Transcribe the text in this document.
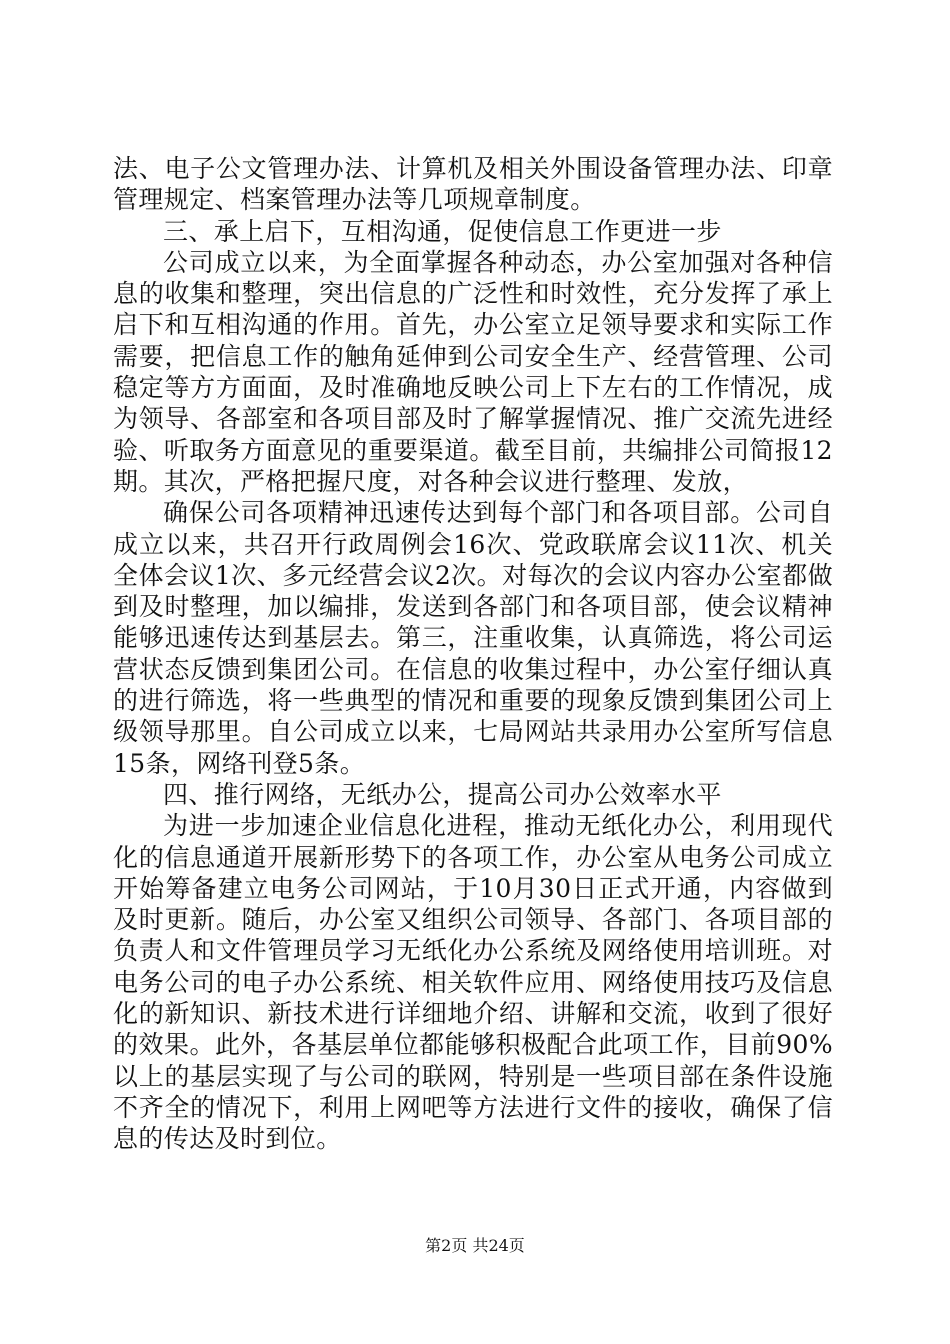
法、电子公文管理办法、计算机及相关外围设备管理办法、印章管理规定、档案管理办法等几项规章制度。

三、承上启下，互相沟通，促使信息工作更进一步

公司成立以来，为全面掌握各种动态，办公室加强对各种信息的收集和整理，突出信息的广泛性和时效性，充分发挥了承上启下和互相沟通的作用。首先，办公室立足领导要求和实际工作需要，把信息工作的触角延伸到公司安全生产、经营管理、公司稳定等方方面面，及时准确地反映公司上下左右的工作情况，成为领导、各部室和各项目部及时了解掌握情况、推广交流先进经验、听取务方面意见的重要渠道。截至目前，共编排公司简报12期。其次，严格把握尺度，对各种会议进行整理、发放，

确保公司各项精神迅速传达到每个部门和各项目部。公司自成立以来，共召开行政周例会16次、党政联席会议11次、机关全体会议1次、多元经营会议2次。对每次的会议内容办公室都做到及时整理，加以编排，发送到各部门和各项目部，使会议精神能够迅速传达到基层去。第三，注重收集，认真筛选，将公司运营状态反馈到集团公司。在信息的收集过程中，办公室仔细认真的进行筛选，将一些典型的情况和重要的现象反馈到集团公司上级领导那里。自公司成立以来，七局网站共录用办公室所写信息15条，网络刊登5条。

四、推行网络，无纸办公，提高公司办公效率水平

为进一步加速企业信息化进程，推动无纸化办公，利用现代化的信息通道开展新形势下的各项工作，办公室从电务公司成立开始筹备建立电务公司网站，于10月30日正式开通，内容做到及时更新。随后，办公室又组织公司领导、各部门、各项目部的负责人和文件管理员学习无纸化办公系统及网络使用培训班。对电务公司的电子办公系统、相关软件应用、网络使用技巧及信息化的新知识、新技术进行详细地介绍、讲解和交流，收到了很好的效果。此外，各基层单位都能够积极配合此项工作，目前90%以上的基层实现了与公司的联网，特别是一些项目部在条件设施不齐全的情况下，利用上网吧等方法进行文件的接收，确保了信息的传达及时到位。

第2页 共24页
